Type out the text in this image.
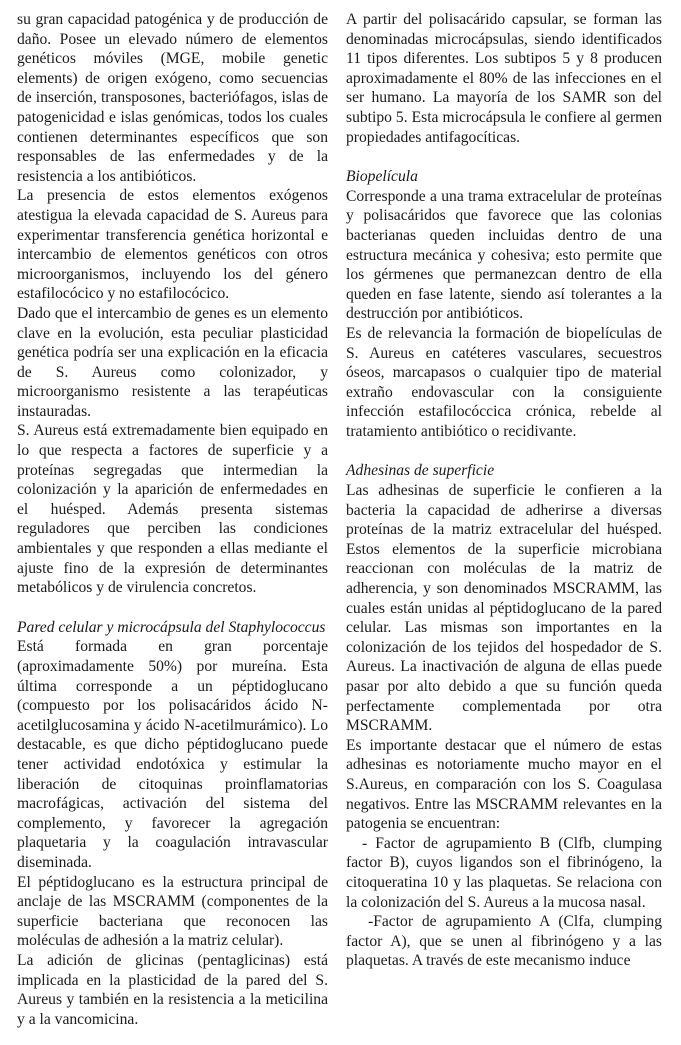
su gran capacidad patogénica y de producción de daño. Posee un elevado número de elementos genéticos móviles (MGE, mobile genetic elements) de origen exógeno, como secuencias de inserción, transposones, bacteriófagos, islas de patogenicidad e islas genómicas, todos los cuales contienen determinantes específicos que son responsables de las enfermedades y de la resistencia a los antibióticos.

La presencia de estos elementos exógenos atestigua la elevada capacidad de S. Aureus para experimentar transferencia genética horizontal e intercambio de elementos genéticos con otros microorganismos, incluyendo los del género estafilocócico y no estafilocócico.

Dado que el intercambio de genes es un elemento clave en la evolución, esta peculiar plasticidad genética podría ser una explicación en la eficacia de S. Aureus como colonizador, y microorganismo resistente a las terapéuticas instauradas.

S. Aureus está extremadamente bien equipado en lo que respecta a factores de superficie y a proteínas segregadas que intermedian la colonización y la aparición de enfermedades en el huésped. Además presenta sistemas reguladores que perciben las condiciones ambientales y que responden a ellas mediante el ajuste fino de la expresión de determinantes metabólicos y de virulencia concretos.

Pared celular y microcápsula del Staphylococcus

Está formada en gran porcentaje (aproximadamente 50%) por mureína. Esta última corresponde a un péptidoglucano (compuesto por los polisacáridos ácido N-acetilglucosamina y ácido N-acetilmurámico). Lo destacable, es que dicho péptidoglucano puede tener actividad endotóxica y estimular la liberación de citoquinas proinflamatorias macrofágicas, activación del sistema del complemento, y favorecer la agregación plaquetaria y la coagulación intravascular diseminada.

El péptidoglucano es la estructura principal de anclaje de las MSCRAMM (componentes de la superficie bacteriana que reconocen las moléculas de adhesión a la matriz celular).

La adición de glicinas (pentaglicinas) está implicada en la plasticidad de la pared del S. Aureus y también en la resistencia a la meticilina y a la vancomicina.

A partir del polisacárido capsular, se forman las denominadas microcápsulas, siendo identificados 11 tipos diferentes. Los subtipos 5 y 8 producen aproximadamente el 80% de las infecciones en el ser humano. La mayoría de los SAMR son del subtipo 5. Esta microcápsula le confiere al germen propiedades antifagocíticas.

Biopelícula

Corresponde a una trama extracelular de proteínas y polisacáridos que favorece que las colonias bacterianas queden incluidas dentro de una estructura mecánica y cohesiva; esto permite que los gérmenes que permanezcan dentro de ella queden en fase latente, siendo así tolerantes a la destrucción por antibióticos.

Es de relevancia la formación de biopelículas de S. Aureus en catéteres vasculares, secuestros óseos, marcapasos o cualquier tipo de material extraño endovascular con la consiguiente infección estafilocóccica crónica, rebelde al tratamiento antibiótico o recidivante.

Adhesinas de superficie

Las adhesinas de superficie le confieren a la bacteria la capacidad de adherirse a diversas proteínas de la matriz extracelular del huésped. Estos elementos de la superficie microbiana reaccionan con moléculas de la matriz de adherencia, y son denominados MSCRAMM, las cuales están unidas al péptidoglucano de la pared celular. Las mismas son importantes en la colonización de los tejidos del hospedador de S. Aureus. La inactivación de alguna de ellas puede pasar por alto debido a que su función queda perfectamente complementada por otra MSCRAMM.

Es importante destacar que el número de estas adhesinas es notoriamente mucho mayor en el S.Aureus, en comparación con los S. Coagulasa negativos. Entre las MSCRAMM relevantes en la patogenia se encuentran:

- Factor de agrupamiento B (Clfb, clumping factor B), cuyos ligandos son el fibrinógeno, la citoqueratina 10 y las plaquetas. Se relaciona con la colonización del S. Aureus a la mucosa nasal.

-Factor de agrupamiento A (Clfa, clumping factor A), que se unen al fibrinógeno y a las plaquetas. A través de este mecanismo induce
